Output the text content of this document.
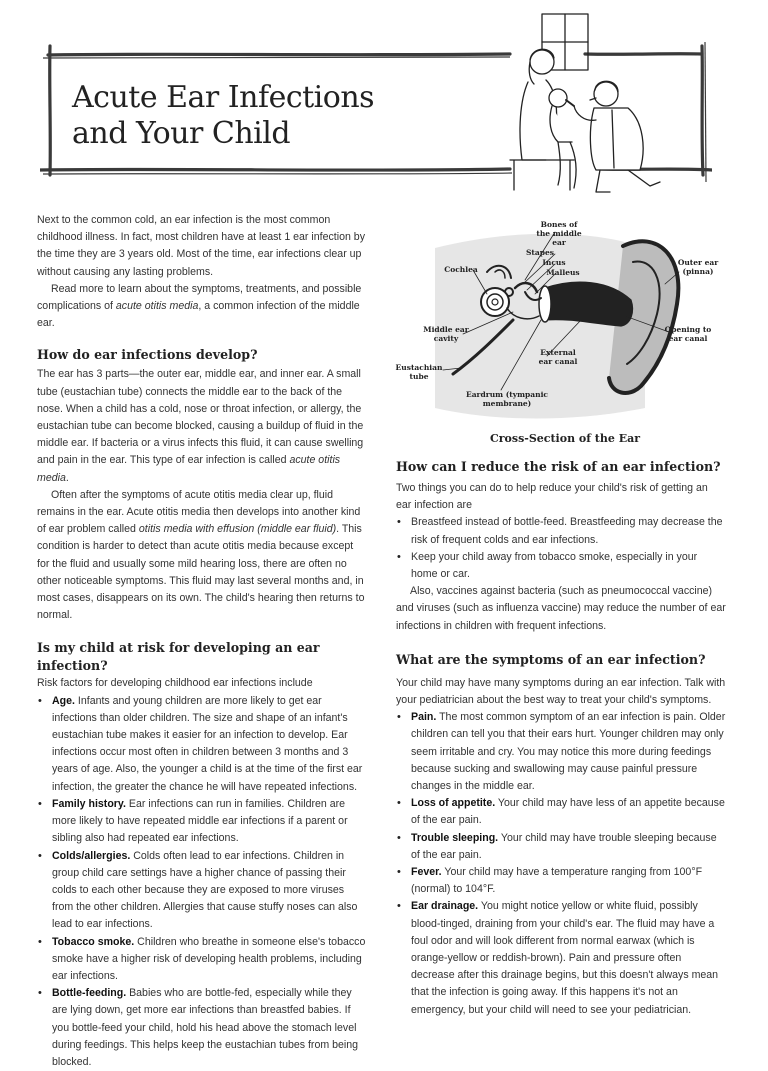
Acute Ear Infections
and Your Child

Next to the common cold, an ear infection is the most common childhood illness. In fact, most children have at least 1 ear infection by the time they are 3 years old. Most of the time, ear infections clear up without causing any lasting problems.

Read more to learn about the symptoms, treatments, and possible complications of acute otitis media, a common infection of the middle ear.

How do ear infections develop?

The ear has 3 parts—the outer ear, middle ear, and inner ear. A small tube (eustachian tube) connects the middle ear to the back of the nose. When a child has a cold, nose or throat infection, or allergy, the eustachian tube can become blocked, causing a buildup of fluid in the middle ear. If bacteria or a virus infects this fluid, it can cause swelling and pain in the ear. This type of ear infection is called acute otitis media.

Often after the symptoms of acute otitis media clear up, fluid remains in the ear. Acute otitis media then develops into another kind of ear problem called otitis media with effusion (middle ear fluid). This condition is harder to detect than acute otitis media because except for the fluid and usually some mild hearing loss, there are often no other noticeable symptoms. This fluid may last several months and, in most cases, disappears on its own. The child's hearing then returns to normal.

Is my child at risk for developing an ear infection?

Risk factors for developing childhood ear infections include

• Age. Infants and young children are more likely to get ear infections than older children. The size and shape of an infant's eustachian tube makes it easier for an infection to develop. Ear infections occur most often in children between 3 months and 3 years of age. Also, the younger a child is at the time of the first ear infection, the greater the chance he will have repeated infections.
• Family history. Ear infections can run in families. Children are more likely to have repeated middle ear infections if a parent or sibling also had repeated ear infections.
• Colds/allergies. Colds often lead to ear infections. Children in group child care settings have a higher chance of passing their colds to each other because they are exposed to more viruses from the other children. Allergies that cause stuffy noses can also lead to ear infections.
• Tobacco smoke. Children who breathe in someone else's tobacco smoke have a higher risk of developing health problems, including ear infections.
• Bottle-feeding. Babies who are bottle-fed, especially while they are lying down, get more ear infections than breastfed babies. If you bottle-feed your child, hold his head above the stomach level during feedings. This helps keep the eustachian tubes from being blocked.
Bones of the middle ear
Stapes
Incus
Malleus
Cochlea
Outer ear (pinna)
Middle ear cavity
Opening to ear canal
External ear canal
Eustachian tube
Eardrum (tympanic membrane)
Cross-Section of the Ear
How can I reduce the risk of an ear infection?

Two things you can do to help reduce your child's risk of getting an ear infection are

• Breastfeed instead of bottle-feed. Breastfeeding may decrease the risk of frequent colds and ear infections.
• Keep your child away from tobacco smoke, especially in your home or car.

Also, vaccines against bacteria (such as pneumococcal vaccine) and viruses (such as influenza vaccine) may reduce the number of ear infections in children with frequent infections.

What are the symptoms of an ear infection?

Your child may have many symptoms during an ear infection. Talk with your pediatrician about the best way to treat your child's symptoms.

• Pain. The most common symptom of an ear infection is pain. Older children can tell you that their ears hurt. Younger children may only seem irritable and cry. You may notice this more during feedings because sucking and swallowing may cause painful pressure changes in the middle ear.
• Loss of appetite. Your child may have less of an appetite because of the ear pain.
• Trouble sleeping. Your child may have trouble sleeping because of the ear pain.
• Fever. Your child may have a temperature ranging from 100°F (normal) to 104°F.
• Ear drainage. You might notice yellow or white fluid, possibly blood-tinged, draining from your child's ear. The fluid may have a foul odor and will look different from normal earwax (which is orange-yellow or reddish-brown). Pain and pressure often decrease after this drainage begins, but this doesn't always mean that the infection is going away. If this happens it's not an emergency, but your child will need to see your pediatrician.
